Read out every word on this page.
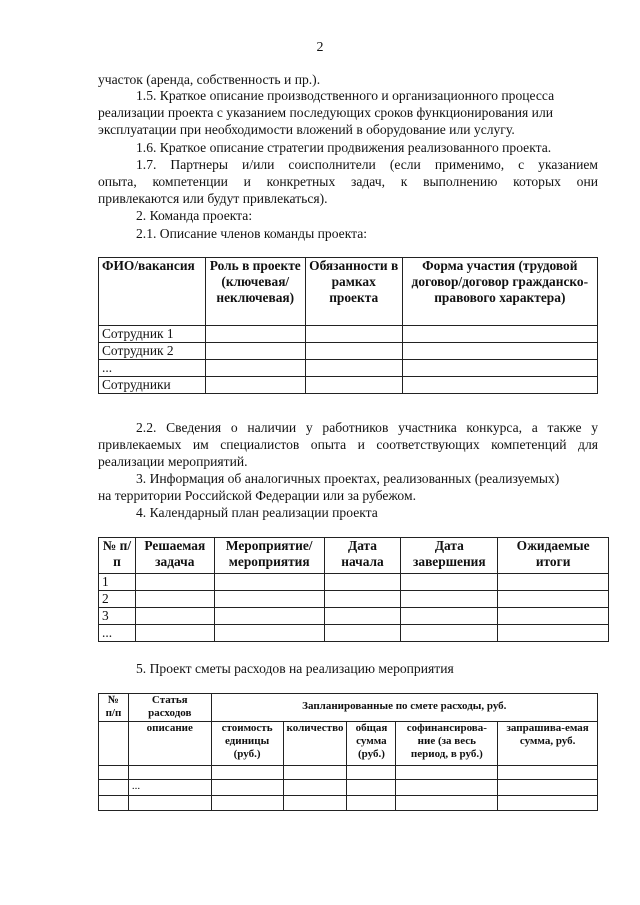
2
участок (аренда, собственность и пр.).
1.5. Краткое описание производственного и организационного процесса
реализации проекта с указанием последующих сроков функционирования или
эксплуатации при необходимости вложений в оборудование или услугу.
1.6. Краткое описание стратегии продвижения реализованного проекта.
1.7. Партнеры и/или соисполнители (если применимо, с указанием
опыта, компетенции и конкретных задач, к выполнению которых они
привлекаются или будут привлекаться).
2. Команда проекта:
2.1. Описание членов команды проекта:
ФИО/вакансия	Роль в проекте (ключевая/ неключевая)	Обязанности в рамках проекта	Форма участия (трудовой договор/договор гражданско-правового характера)
Сотрудник 1			
Сотрудник 2			
...			
Сотрудники			
2.2. Сведения о наличии у работников участника конкурса, а также у
привлекаемых им специалистов опыта и соответствующих компетенций для
реализации мероприятий.
3. Информация об аналогичных проектах, реализованных (реализуемых)
на территории Российской Федерации или за рубежом.
4. Календарный план реализации проекта
№ п/п	Решаемая задача	Мероприятие/ мероприятия	Дата начала	Дата завершения	Ожидаемые итоги
1					
2					
3					
...					
5. Проект сметы расходов на реализацию мероприятия
№ п/п	Статья расходов	Запланированные по смете расходы, руб.				
	описание	стоимость единицы (руб.)	количество	общая сумма (руб.)	софинансирова-ние (за весь период, в руб.)	запрашива-емая сумма, руб.

	...					
